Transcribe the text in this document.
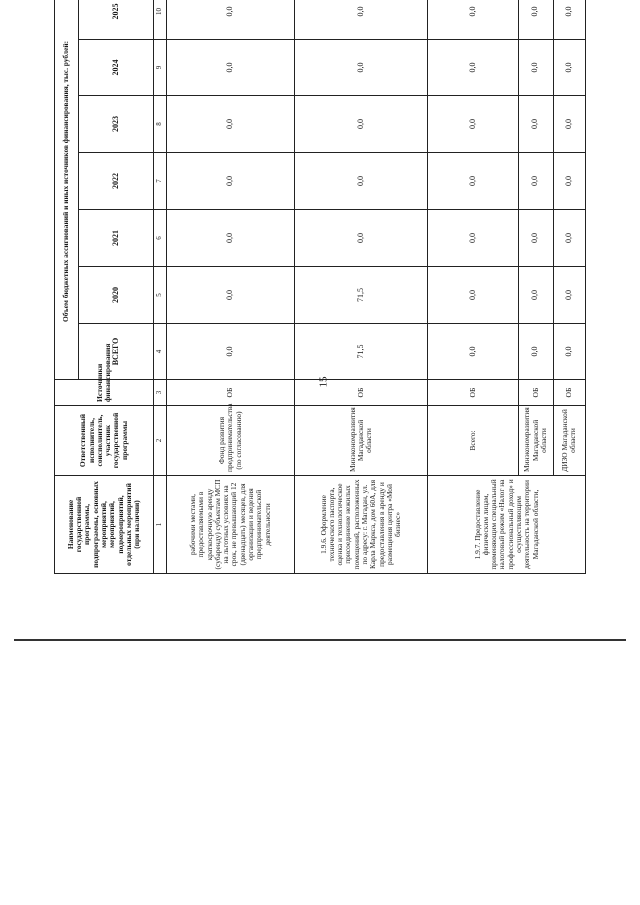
15
Наименование государственной программы, подпрограммы, основных мероприятий, мероприятий, подмероприятий, отдельных мероприятий (при наличии)	Ответственный исполнитель, соисполнитель, участник государственной программы	Источники финансирования	Объем бюджетных ассигнований и иных источников финансирования, тыс. рублей:						
			ВСЕГО	2020	2021	2022	2023	2024	2025
1	2	3	4	5	6	7	8	9	10
рабочими местами, предоставляемыми в краткосрочную аренду (субаренду) субъектам МСП на льготных условиях на срок, не превышающий 12 (двенадцать) месяцев, для организации и ведения предпринимательской деятельности	Фонд развития предпринимательства (по согласованию)	ОБ	0,0	0,0	0,0	0,0	0,0	0,0	0,0
1.9.6. Оформление технического паспорта, оценка и технологическое присоединение нежилых помещений, расположенных по адресу: г. Магадан, ул. Карла Маркса, дом 60А, для предоставления в аренду и размещения центра «Мой бизнес»	Минэкономразвития Магаданской области	ОБ	71,5	71,5	0,0	0,0	0,0	0,0	0,0
1.9.7. Предоставление физическим лицам, применяющим специальный налоговый режим «Налог на профессиональный доход» и осуществляющим деятельность на территории Магаданской области,	Всего:	ОБ	0,0	0,0	0,0	0,0	0,0	0,0	0,0
	Минэкономразвития Магаданской области	ОБ	0,0	0,0	0,0	0,0	0,0	0,0	0,0
	ДИЗО Магаданской области	ОБ	0,0	0,0	0,0	0,0	0,0	0,0	0,0
